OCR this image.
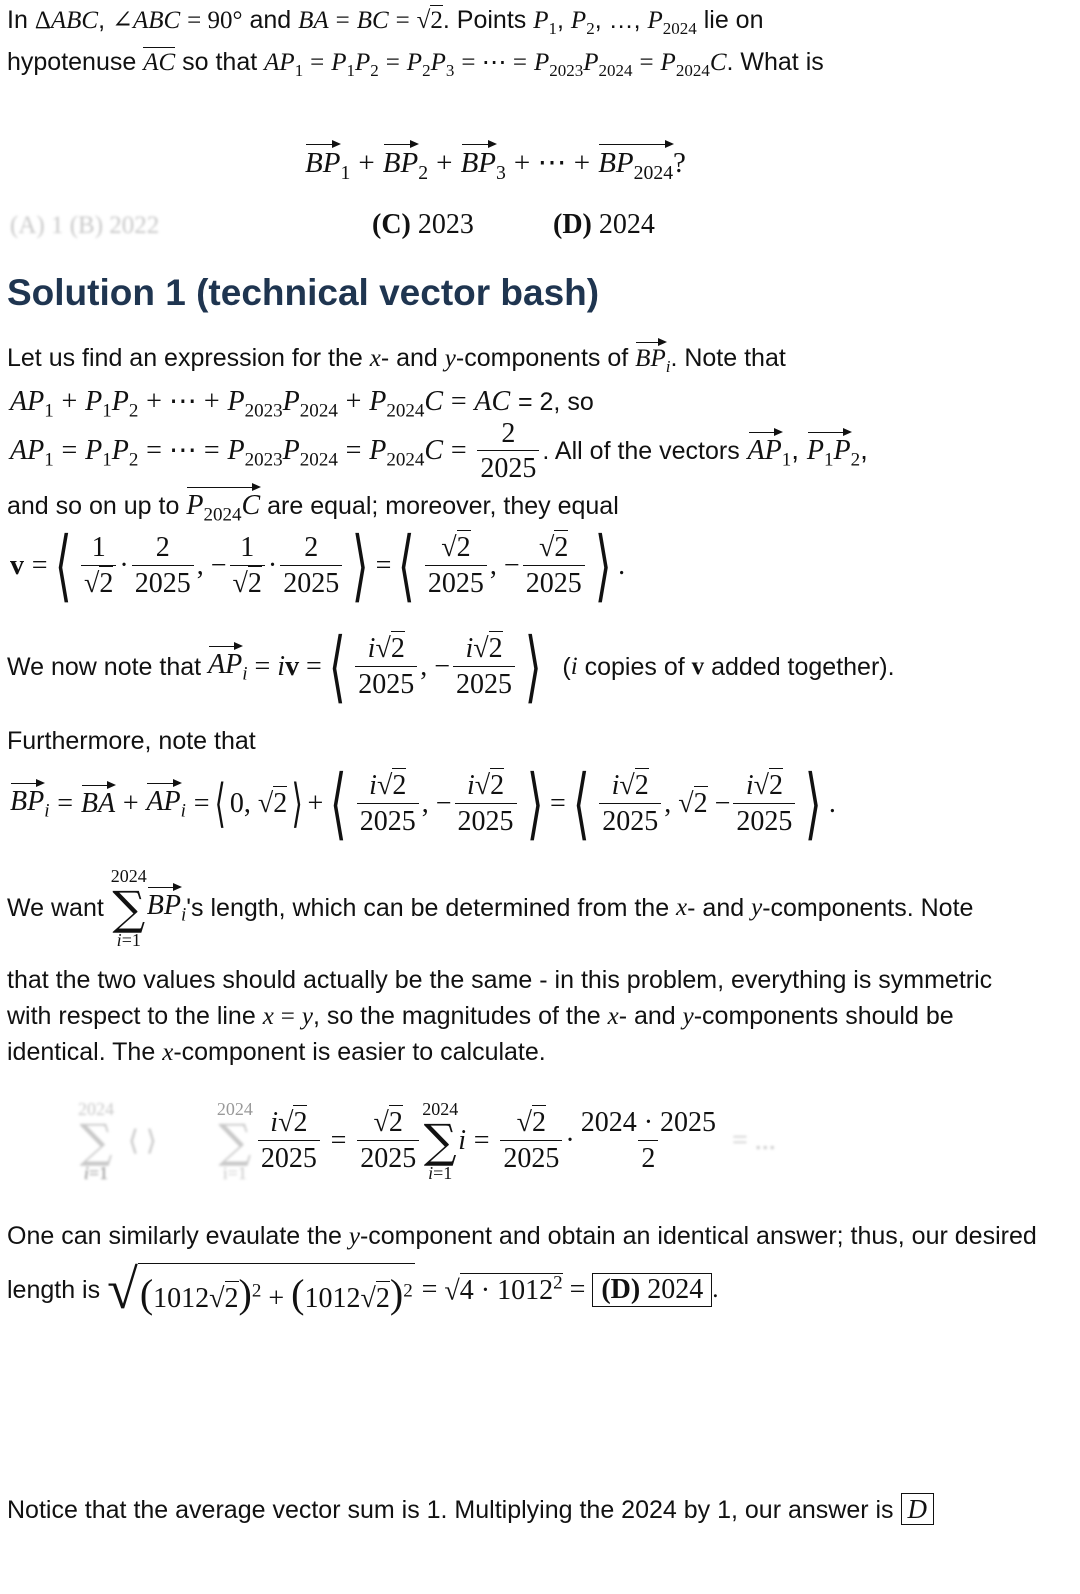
In ΔABC, ∠ABC = 90° and BA = BC = √2. Points $P_1$, $P_2$, …, $P_{2024}$ lie on
hypotenuse AC so that $AP_1 = P_1P_2 = P_2P_3$ = ⋯ = $P_{2023}P_{2024} = P_{2024}C$. What is
$BP_1 + BP_2 + BP_3$ + ⋯ + $BP_{2024}$?
(A) 1 (B) 2022	(C) 2023	(D) 2024
Solution 1 (technical vector bash)
Let us find an expression for the x- and y-components of $BP_i$. Note that
$AP_1 + P_1P_2$ + ⋯ + $P_{2023}P_{2024} + P_{2024}C$ = AC = 2, so
$AP_1 = P_1P_2$ = ⋯ = $P_{2023}P_{2024} = P_{2024}C = \frac{2}{2025}$ . All of the vectors $AP_1$, $P_1P_2$,
and so on up to $P_{2024}C$ are equal; moreover, they equal
v
= ⟨ $\frac{1}{√2} \cdot \frac{2}{2025}$ , − $\frac{1}{√2} \cdot \frac{2}{2025}$ ⟩ = ⟨ $\frac{√2}{2025}$ , − $\frac{√2}{2025}$ ⟩ .
We now note that
$AP_i$
=
i v
= ⟨ $\frac{i√2}{2025}$ , − $\frac{i√2}{2025}$ ⟩ ( i
copies of
v
added together).
Furthermore, note that
$BP_i$
=
BA
+
$AP_i$
= ⟨ 0, √2 ⟩ + ⟨ $\frac{i√2}{2025}$ , − $\frac{i√2}{2025}$ ⟩ = ⟨ $\frac{i√2}{2025}$ , $√2 - \frac{i√2}{2025}$ ⟩ .
We want

2024
∑
i=1
$BP_i$ 's length, which can be determined from the
x - and
y -components. Note
that the two values should actually be the same - in this problem, everything is symmetric
with respect to the line x = y, so the magnitudes of the x- and y-components should be
identical. The x-component is easier to calculate.
2024
∑
i=1
⟨ ⟩
2024
∑
$i=1 \frac{i√2}{2025}$
=
$\frac{√2}{2025} 2024$
∑
i=1
i
=
$\frac{√2}{2025} \cdot \frac{2024 \cdot 2025}{2}$ = ...
One can similarly evaulate the y-component and obtain an identical answer; thus, our desired
length is
√ $(1012√2)^2 + (1012√2)^2$
=
$√4 \cdot 1012^2$
=
(D) 2024 .
Notice that the average vector sum is 1. Multiplying the 2024 by 1, our answer is D
